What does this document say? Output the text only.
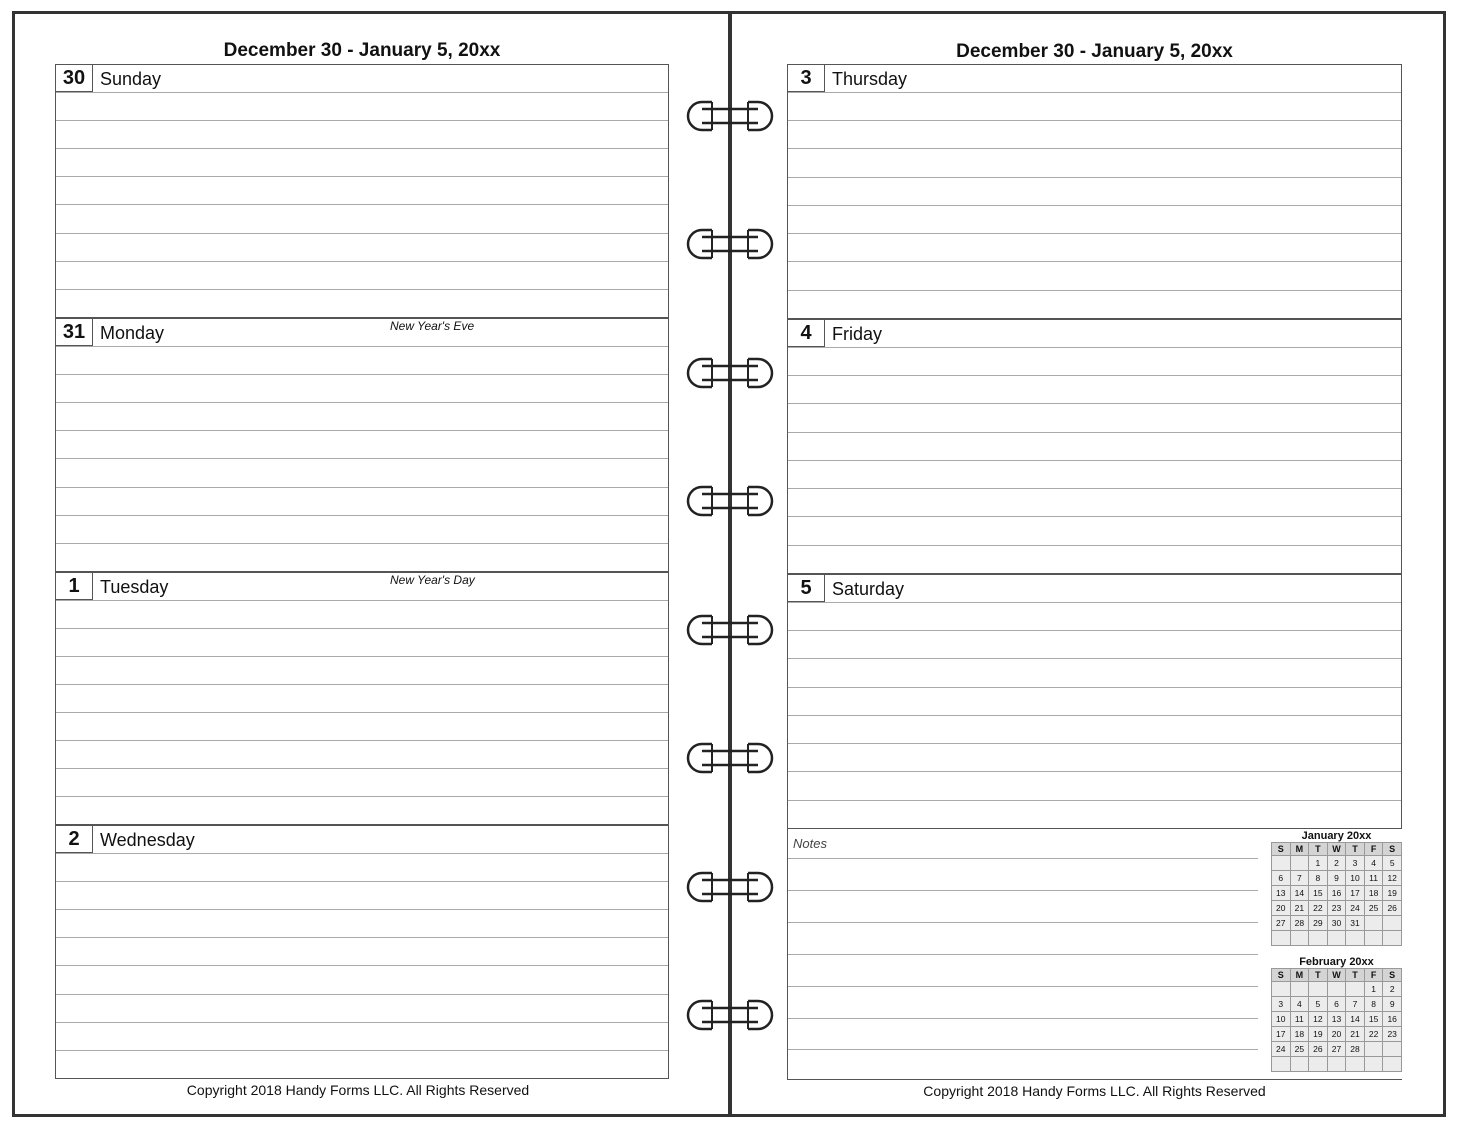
December 30 - January 5, 20xx
30 Sunday
31 Monday	New Year's Eve
1	Tuesday	New Year's Day
2	Wednesday
Copyright 2018 Handy Forms LLC. All Rights Reserved
December 30 - January 5, 20xx
3	Thursday
4	Friday
5	Saturday
Notes	January 20xx
S	M	T	W	T	F	S
		1	2	3	4	5
6	7	8	9	10	11	12
13	14	15	16	17	18	19
20	21	22	23	24	25	26
27	28	29	30	31		

February 20xx
S	M	T	W	T	F	S
					1	2
3	4	5	6	7	8	9
10	11	12	13	14	15	16
17	18	19	20	21	22	23
24	25	26	27	28		

Copyright 2018 Handy Forms LLC. All Rights Reserved
